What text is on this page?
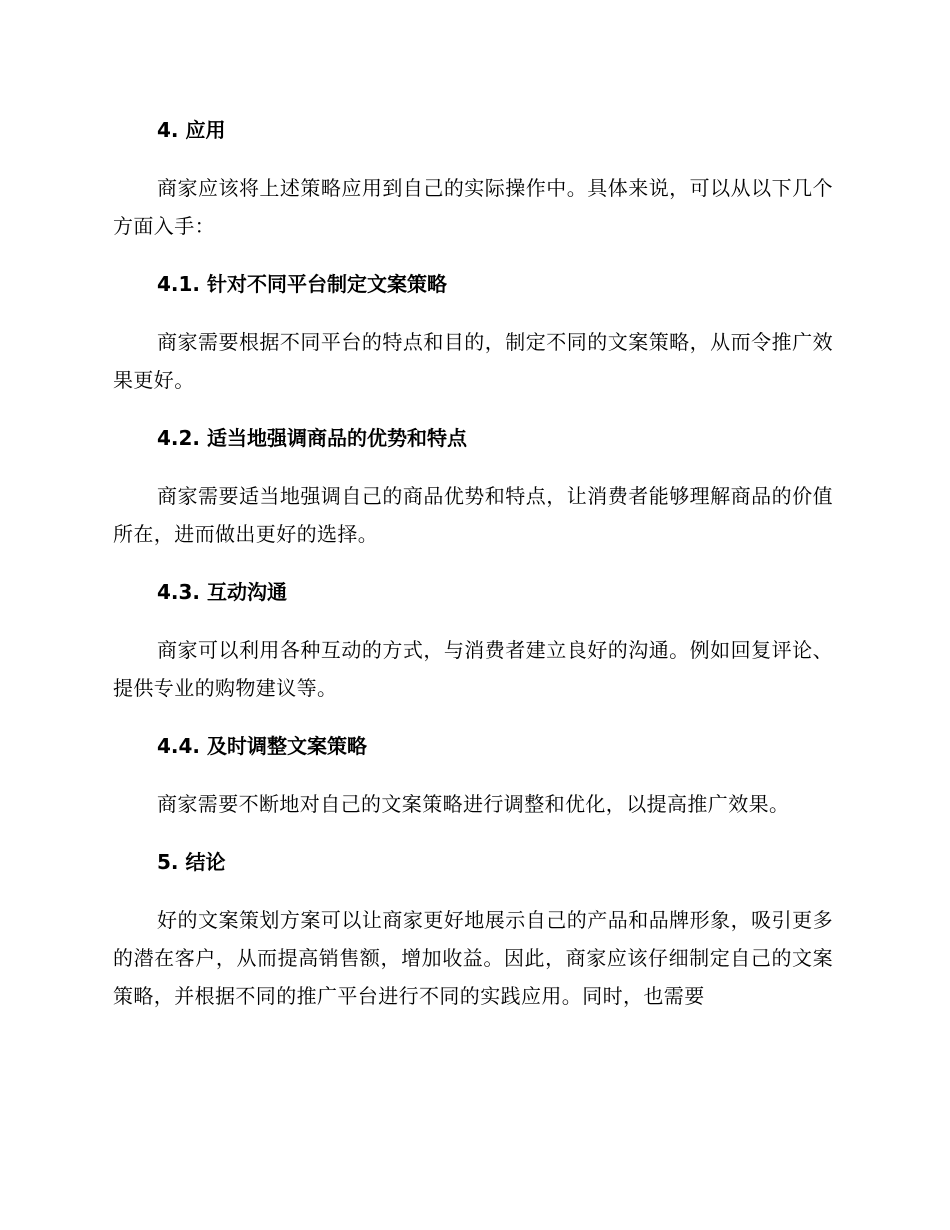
4. 应用
商家应该将上述策略应用到自己的实际操作中。具体来说，可以从以下几个方面入手：
4.1. 针对不同平台制定文案策略
商家需要根据不同平台的特点和目的，制定不同的文案策略，从而令推广效果更好。
4.2. 适当地强调商品的优势和特点
商家需要适当地强调自己的商品优势和特点，让消费者能够理解商品的价值所在，进而做出更好的选择。
4.3. 互动沟通
商家可以利用各种互动的方式，与消费者建立良好的沟通。例如回复评论、提供专业的购物建议等。
4.4. 及时调整文案策略
商家需要不断地对自己的文案策略进行调整和优化，以提高推广效果。
5. 结论
好的文案策划方案可以让商家更好地展示自己的产品和品牌形象，吸引更多的潜在客户，从而提高销售额，增加收益。因此，商家应该仔细制定自己的文案策略，并根据不同的推广平台进行不同的实践应用。同时，也需要
